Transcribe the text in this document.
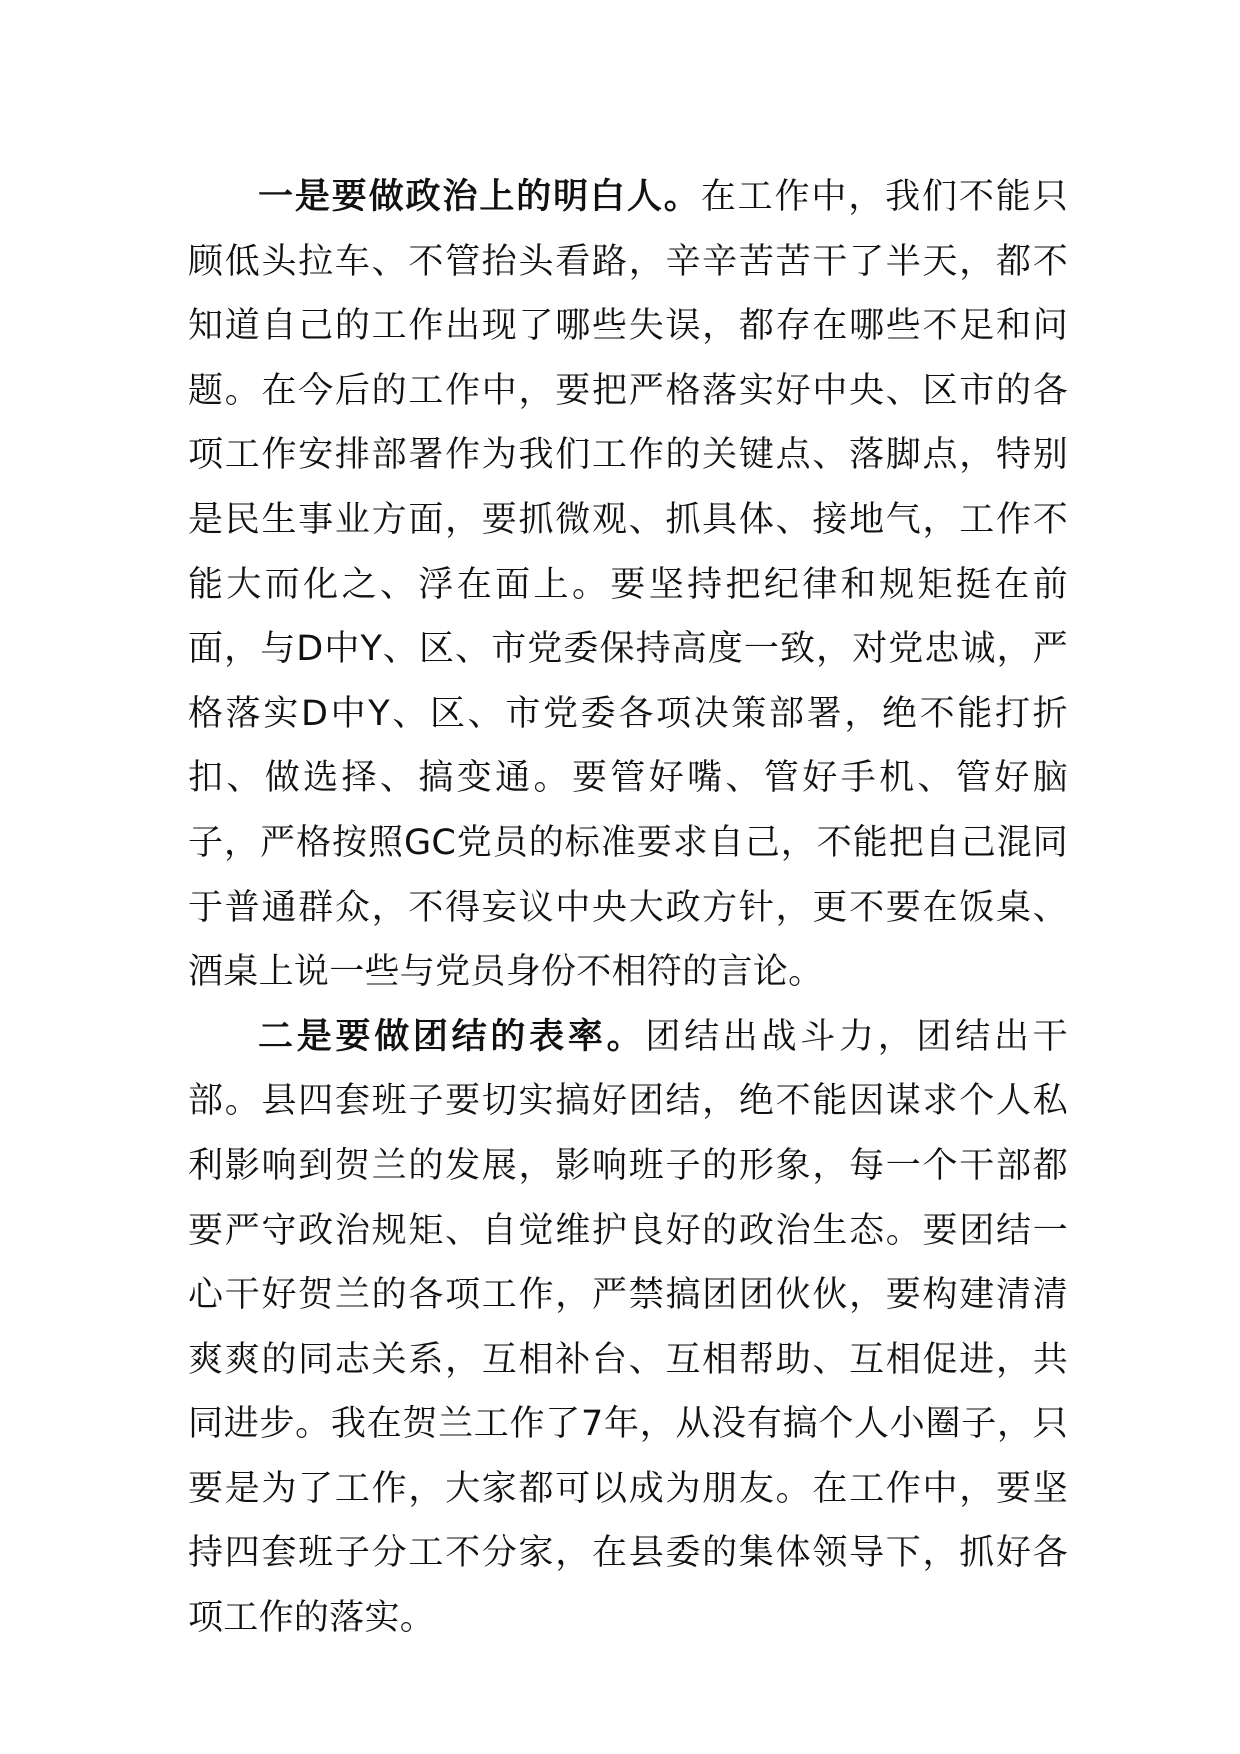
一是要做政治上的明白人。在工作中，我们不能只顾低头拉车、不管抬头看路，辛辛苦苦干了半天，都不知道自己的工作出现了哪些失误，都存在哪些不足和问题。在今后的工作中，要把严格落实好中央、区市的各项工作安排部署作为我们工作的关键点、落脚点，特别是民生事业方面，要抓微观、抓具体、接地气，工作不能大而化之、浮在面上。要坚持把纪律和规矩挺在前面，与D中Y、区、市党委保持高度一致，对党忠诚，严格落实D中Y、区、市党委各项决策部署，绝不能打折扣、做选择、搞变通。要管好嘴、管好手机、管好脑子，严格按照GC党员的标准要求自己，不能把自己混同于普通群众，不得妄议中央大政方针，更不要在饭桌、酒桌上说一些与党员身份不相符的言论。

二是要做团结的表率。团结出战斗力，团结出干部。县四套班子要切实搞好团结，绝不能因谋求个人私利影响到贺兰的发展，影响班子的形象，每一个干部都要严守政治规矩、自觉维护良好的政治生态。要团结一心干好贺兰的各项工作，严禁搞团团伙伙，要构建清清爽爽的同志关系，互相补台、互相帮助、互相促进，共同进步。我在贺兰工作了7年，从没有搞个人小圈子，只要是为了工作，大家都可以成为朋友。在工作中，要坚持四套班子分工不分家，在县委的集体领导下，抓好各项工作的落实。
